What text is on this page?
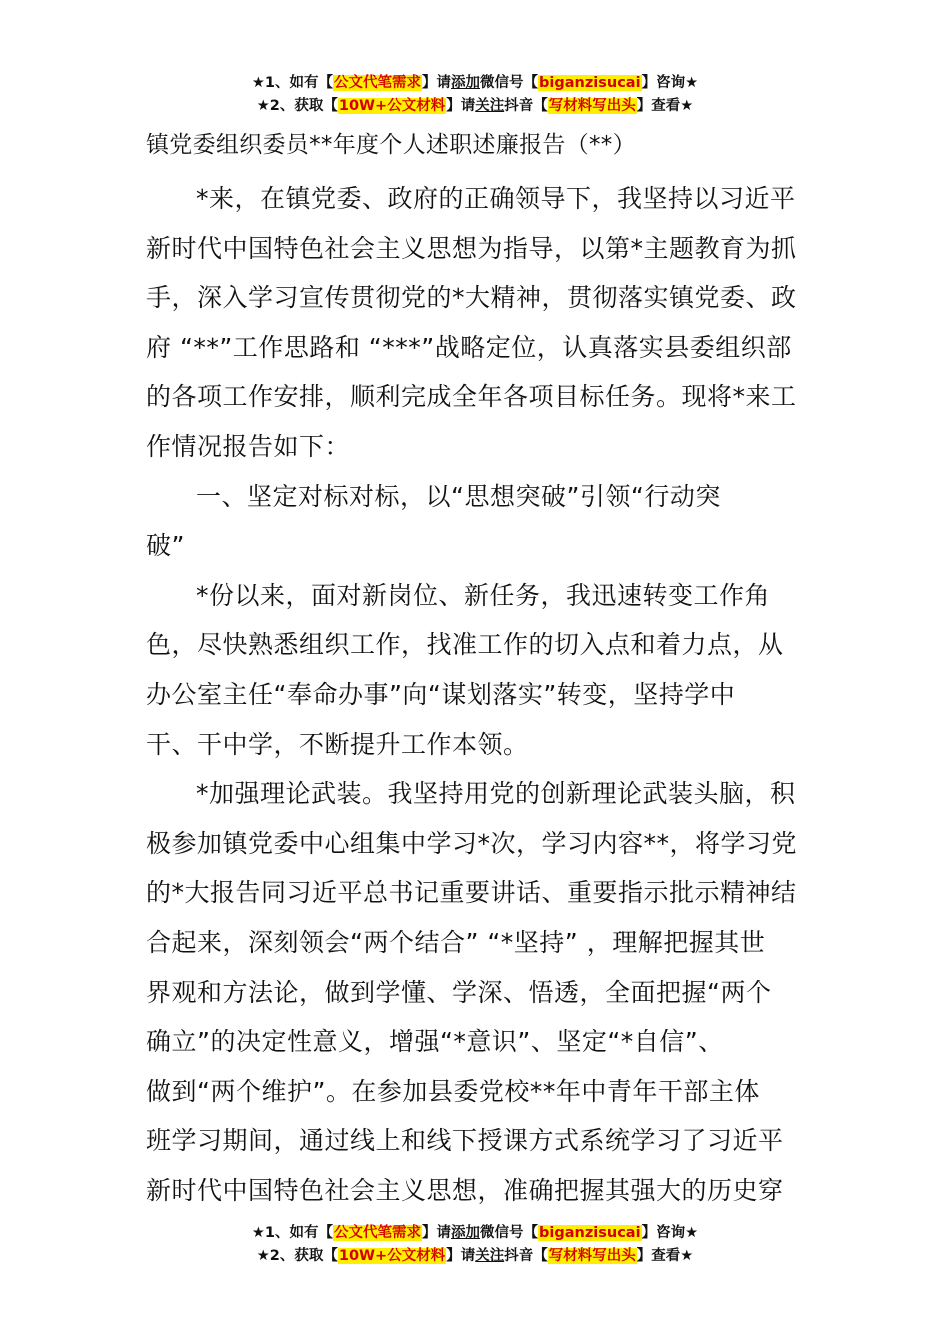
★1、如有【公文代笔需求】请添加微信号【biganzisucai】咨询★
★2、获取【10W+公文材料】请关注抖音【写材料写出头】查看★
镇党委组织委员**年度个人述职述廉报告（**）
*来，在镇党委、政府的正确领导下，我坚持以习近平
新时代中国特色社会主义思想为指导，以第*主题教育为抓
手，深入学习宣传贯彻党的*大精神，贯彻落实镇党委、政
府 “**”工作思路和 “***”战略定位，认真落实县委组织部
的各项工作安排，顺利完成全年各项目标任务。现将*来工
作情况报告如下：
一、坚定对标对标，以“思想突破”引领“行动突
破”
*份以来，面对新岗位、新任务，我迅速转变工作角
色，尽快熟悉组织工作，找准工作的切入点和着力点，从
办公室主任“奉命办事”向“谋划落实”转变，坚持学中
干、干中学，不断提升工作本领。
*加强理论武装。我坚持用党的创新理论武装头脑，积
极参加镇党委中心组集中学习*次，学习内容**，将学习党
的*大报告同习近平总书记重要讲话、重要指示批示精神结
合起来，深刻领会“两个结合” “*坚持” ，理解把握其世
界观和方法论，做到学懂、学深、悟透，全面把握“两个
确立”的决定性意义，增强“*意识”、坚定“*自信”、
做到“两个维护”。在参加县委党校**年中青年干部主体
班学习期间，通过线上和线下授课方式系统学习了习近平
新时代中国特色社会主义思想，准确把握其强大的历史穿
★1、如有【公文代笔需求】请添加微信号【biganzisucai】咨询★
★2、获取【10W+公文材料】请关注抖音【写材料写出头】查看★
